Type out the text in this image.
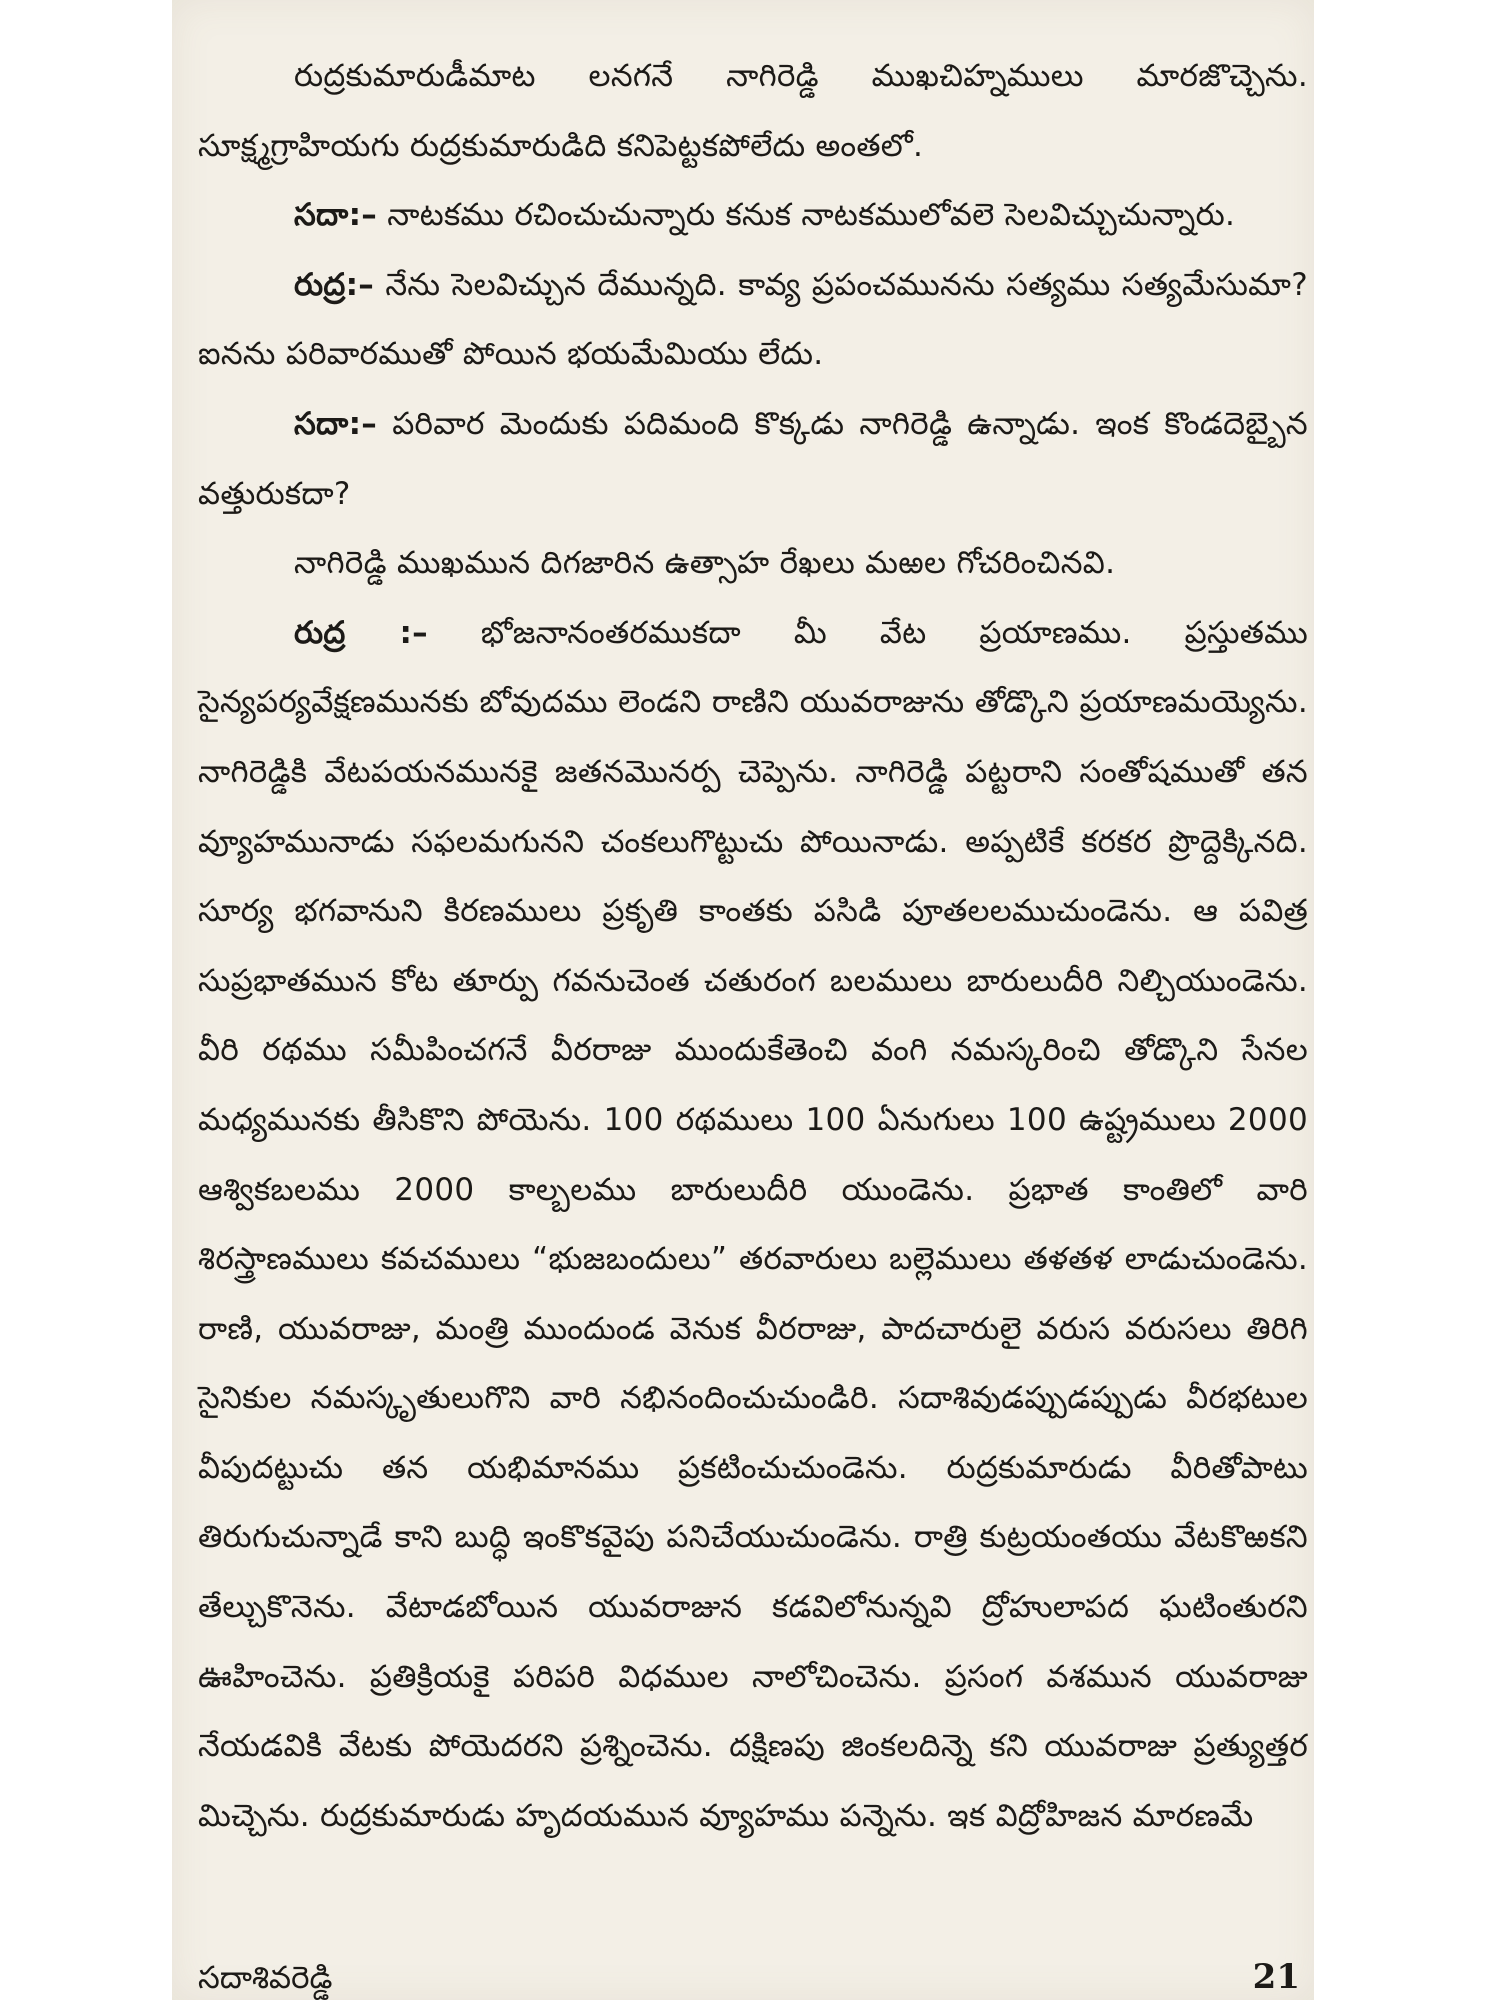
రుద్రకుమారుడీమాట లనగనే నాగిరెడ్డి ముఖచిహ్నములు మారజొచ్చెను. సూక్ష్మగ్రాహియగు రుద్రకుమారుడిది కనిపెట్టకపోలేదు అంతలో.

సదా:– నాటకము రచించుచున్నారు కనుక నాటకములోవలె సెలవిచ్చుచున్నారు.

రుద్ర:– నేను సెలవిచ్చున దేమున్నది. కావ్య ప్రపంచమునను సత్యము సత్యమేసుమా? ఐనను పరివారముతో పోయిన భయమేమియు లేదు.

సదా:– పరివార మెందుకు పదిమంది కొక్కడు నాగిరెడ్డి ఉన్నాడు. ఇంక కొండదెబ్బైన వత్తురుకదా?

నాగిరెడ్డి ముఖమున దిగజారిన ఉత్సాహ రేఖలు మఱల గోచరించినవి.

రుద్ర :– భోజనానంతరముకదా మీ వేట ప్రయాణము. ప్రస్తుతము సైన్యపర్యవేక్షణమునకు బోవుదము లెండని రాణిని యువరాజును తోడ్కొని ప్రయాణమయ్యెను. నాగిరెడ్డికి వేటపయనమునకై జతనమొనర్ప చెప్పెను. నాగిరెడ్డి పట్టరాని సంతోషముతో తన వ్యూహమునాడు సఫలమగునని చంకలుగొట్టుచు పోయినాడు. అప్పటికే కరకర ప్రొద్దెక్కినది. సూర్య భగవానుని కిరణములు ప్రకృతి కాంతకు పసిడి పూతలలముచుండెను. ఆ పవిత్ర సుప్రభాతమున కోట తూర్పు గవనుచెంత చతురంగ బలములు బారులుదీరి నిల్చియుండెను. వీరి రథము సమీపించగనే వీరరాజు ముందుకేతెంచి వంగి నమస్కరించి తోడ్కొని సేనల మధ్యమునకు తీసికొని పోయెను. 100 రథములు 100 ఏనుగులు 100 ఉష్ట్రములు 2000 ఆశ్వికబలము 2000 కాల్బలము బారులుదీరి యుండెను. ప్రభాత కాంతిలో వారి శిరస్త్రాణములు కవచములు “భుజబందులు” తరవారులు బల్లెములు తళతళ లాడుచుండెను. రాణి, యువరాజు, మంత్రి ముందుండ వెనుక వీరరాజు, పాదచారులై వరుస వరుసలు తిరిగి సైనికుల నమస్కృతులుగొని వారి నభినందించుచుండిరి. సదాశివుడప్పుడప్పుడు వీరభటుల వీపుదట్టుచు తన యభిమానము ప్రకటించుచుండెను. రుద్రకుమారుడు వీరితోపాటు తిరుగుచున్నాడే కాని బుద్ధి ఇంకొకవైపు పనిచేయుచుండెను. రాత్రి కుట్రయంతయు వేటకొఱకని తేల్చుకొనెను. వేటాడబోయిన యువరాజున కడవిలోనున్నవి ద్రోహులాపద ఘటింతురని ఊహించెను. ప్రతిక్రియకై పరిపరి విధముల నాలోచించెను. ప్రసంగ వశమున యువరాజు నేయడవికి వేటకు పోయెదరని ప్రశ్నించెను. దక్షిణపు జింకలదిన్నె కని యువరాజు ప్రత్యుత్తర మిచ్చెను. రుద్రకుమారుడు హృదయమున వ్యూహము పన్నెను. ఇక విద్రోహిజన మారణమే

సదాశివరెడ్డి	21
